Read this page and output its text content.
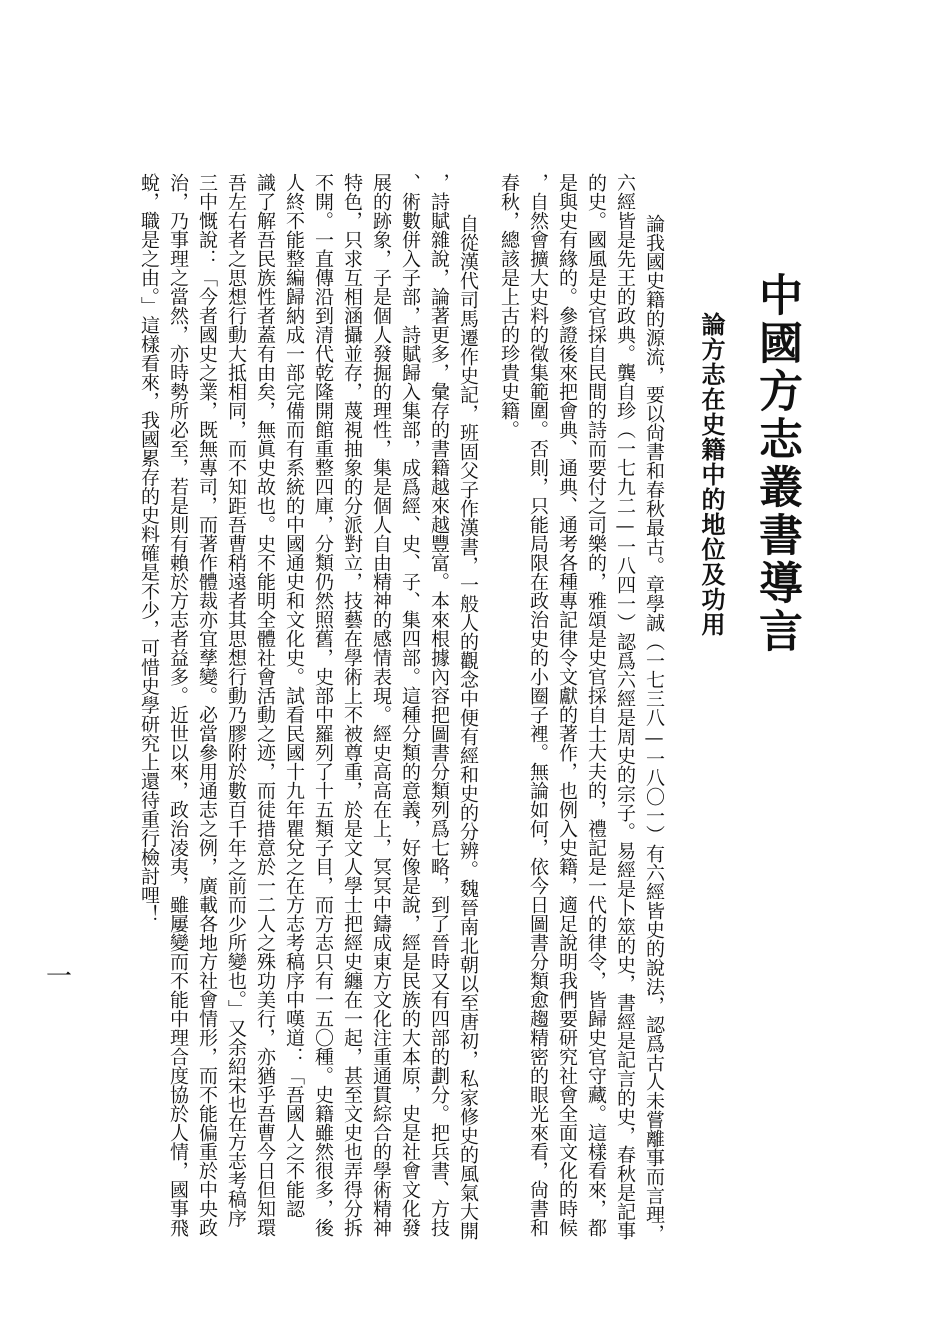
中國方志叢書導言
論方志在史籍中的地位及功用
論我國史籍的源流，要以尙書和春秋最古。章學誠（一七三八—一八〇一）有六經皆史的說法，認爲古人未嘗離事而言理，
六經皆是先王的政典。龔自珍（一七九二—一八四一）認爲六經是周史的宗子。易經是卜筮的史，書經是記言的史，春秋是記事
的史。國風是史官採自民間的詩而要付之司樂的，雅頌是史官採自士大夫的，禮記是一代的律令，皆歸史官守藏。這樣看來，都
是與史有緣的。參證後來把會典、通典、通考各種專記律令文獻的著作，也例入史籍，適足說明我們要研究社會全面文化的時候
，自然會擴大史料的徵集範圍。否則，只能局限在政治史的小圈子裡。無論如何，依今日圖書分類愈趨精密的眼光來看，尙書和
春秋，總該是上古的珍貴史籍。
自從漢代司馬遷作史記，班固父子作漢書，一般人的觀念中便有經和史的分辨。魏晉南北朝以至唐初，私家修史的風氣大開
，詩賦雜說，論著更多，彙存的書籍越來越豐富。本來根據內容把圖書分類列爲七略，到了晉時又有四部的劃分。把兵書、方技
、術數併入子部，詩賦歸入集部，成爲經、史、子、集四部。這種分類的意義，好像是說，經是民族的大本原，史是社會文化發
展的跡象，子是個人發掘的理性，集是個人自由精神的感情表現。經史高高在上，冥冥中鑄成東方文化注重通貫綜合的學術精神
特色，只求互相涵攝並存，蔑視抽象的分派對立，技藝在學術上不被尊重，於是文人學士把經史纏在一起，甚至文史也弄得分拆
不開。一直傳沿到清代乾隆開館重整四庫，分類仍然照舊，史部中羅列了十五類子目，而方志只有一五〇種。史籍雖然很多，後
人終不能整編歸納成一部完備而有系統的中國通史和文化史。試看民國十九年瞿兌之在方志考稿序中嘆道：「吾國人之不能認
識了解吾民族性者蓋有由矣，無眞史故也。史不能明全體社會活動之迹，而徒措意於一二人之殊功美行，亦猶乎吾曹今日但知環
吾左右者之思想行動大抵相同，而不知距吾曹稍遠者其思想行動乃膠附於數百千年之前而少所變也。」又余紹宋也在方志考稿序
三中慨說：「今者國史之業，既無專司，而著作體裁亦宜孳變。必當參用通志之例，廣載各地方社會情形，而不能偏重於中央政
治，乃事理之當然，亦時勢所必至，若是則有賴於方志者益多。近世以來，政治凌夷，雖屢變而不能中理合度協於人情，國事飛
蛻，職是之由。」這樣看來，我國累存的史料確是不少，可惜史學研究上還待重行檢討哩！
一
